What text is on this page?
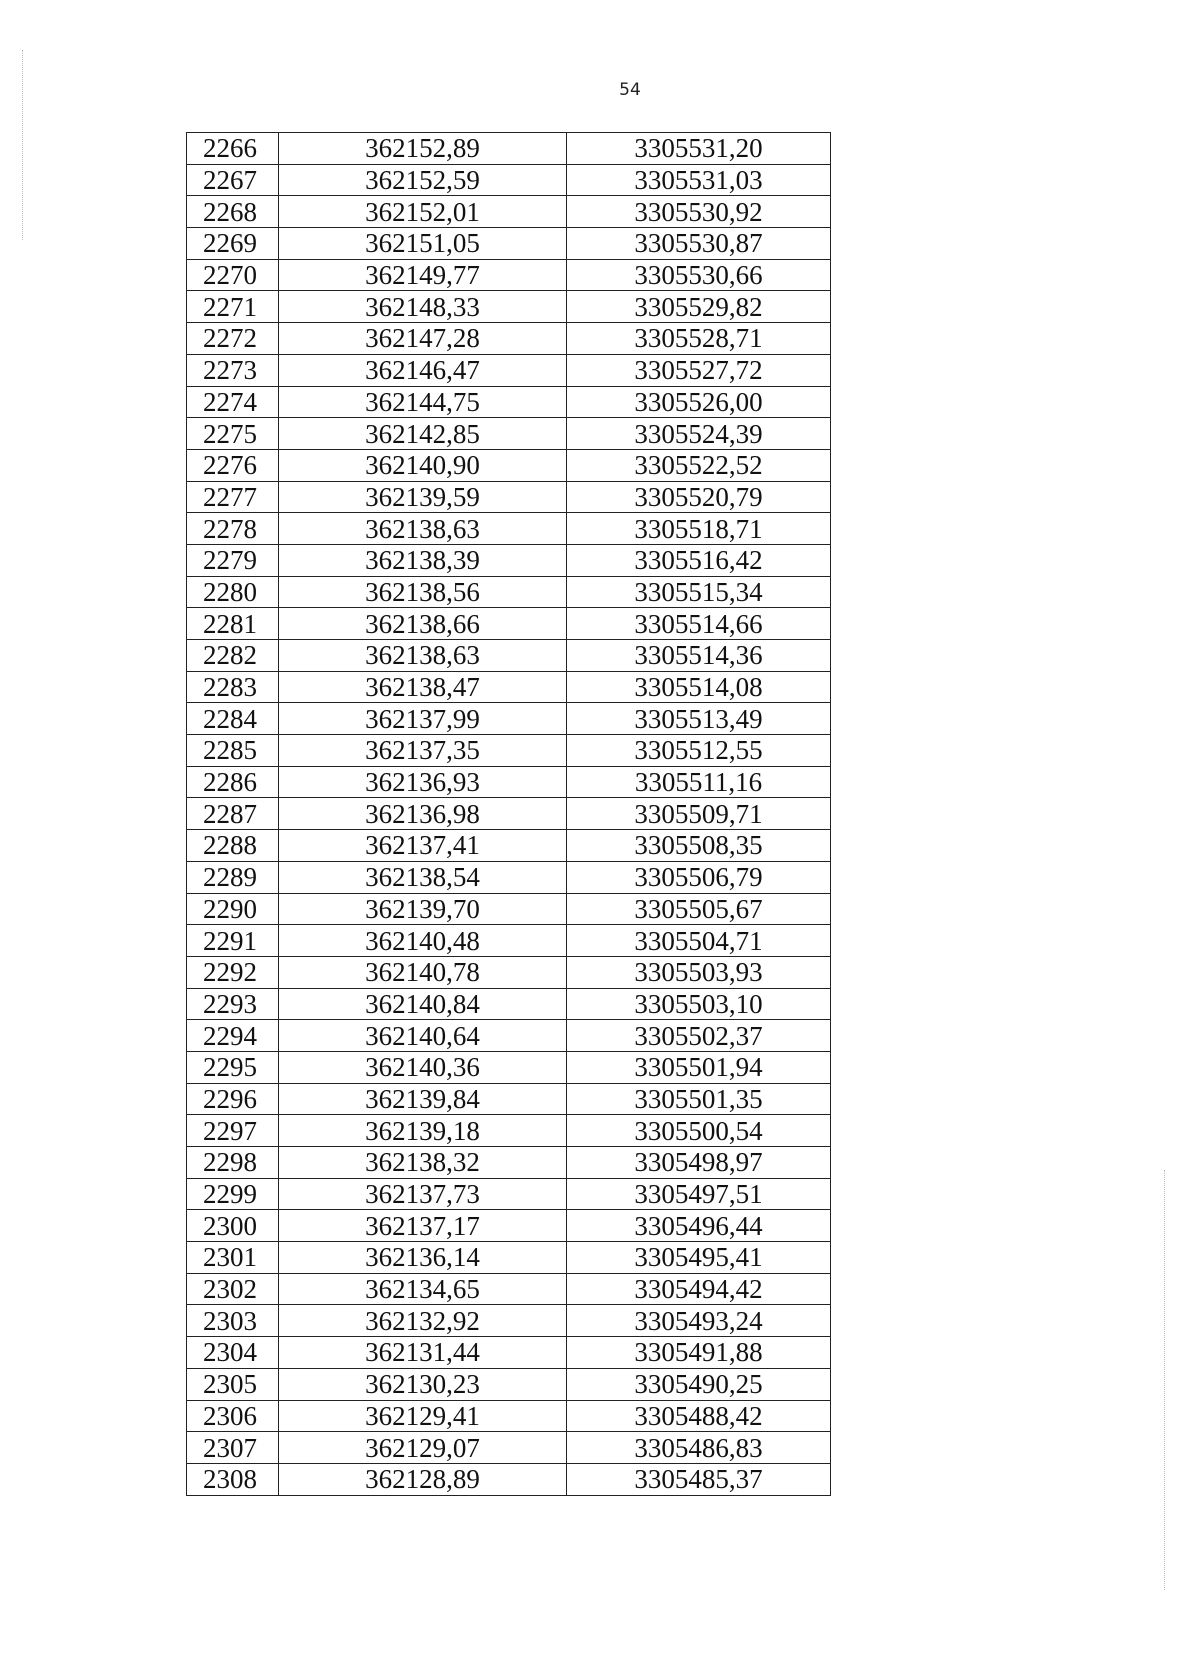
54
2266	362152,89	3305531,20
2267	362152,59	3305531,03
2268	362152,01	3305530,92
2269	362151,05	3305530,87
2270	362149,77	3305530,66
2271	362148,33	3305529,82
2272	362147,28	3305528,71
2273	362146,47	3305527,72
2274	362144,75	3305526,00
2275	362142,85	3305524,39
2276	362140,90	3305522,52
2277	362139,59	3305520,79
2278	362138,63	3305518,71
2279	362138,39	3305516,42
2280	362138,56	3305515,34
2281	362138,66	3305514,66
2282	362138,63	3305514,36
2283	362138,47	3305514,08
2284	362137,99	3305513,49
2285	362137,35	3305512,55
2286	362136,93	3305511,16
2287	362136,98	3305509,71
2288	362137,41	3305508,35
2289	362138,54	3305506,79
2290	362139,70	3305505,67
2291	362140,48	3305504,71
2292	362140,78	3305503,93
2293	362140,84	3305503,10
2294	362140,64	3305502,37
2295	362140,36	3305501,94
2296	362139,84	3305501,35
2297	362139,18	3305500,54
2298	362138,32	3305498,97
2299	362137,73	3305497,51
2300	362137,17	3305496,44
2301	362136,14	3305495,41
2302	362134,65	3305494,42
2303	362132,92	3305493,24
2304	362131,44	3305491,88
2305	362130,23	3305490,25
2306	362129,41	3305488,42
2307	362129,07	3305486,83
2308	362128,89	3305485,37
